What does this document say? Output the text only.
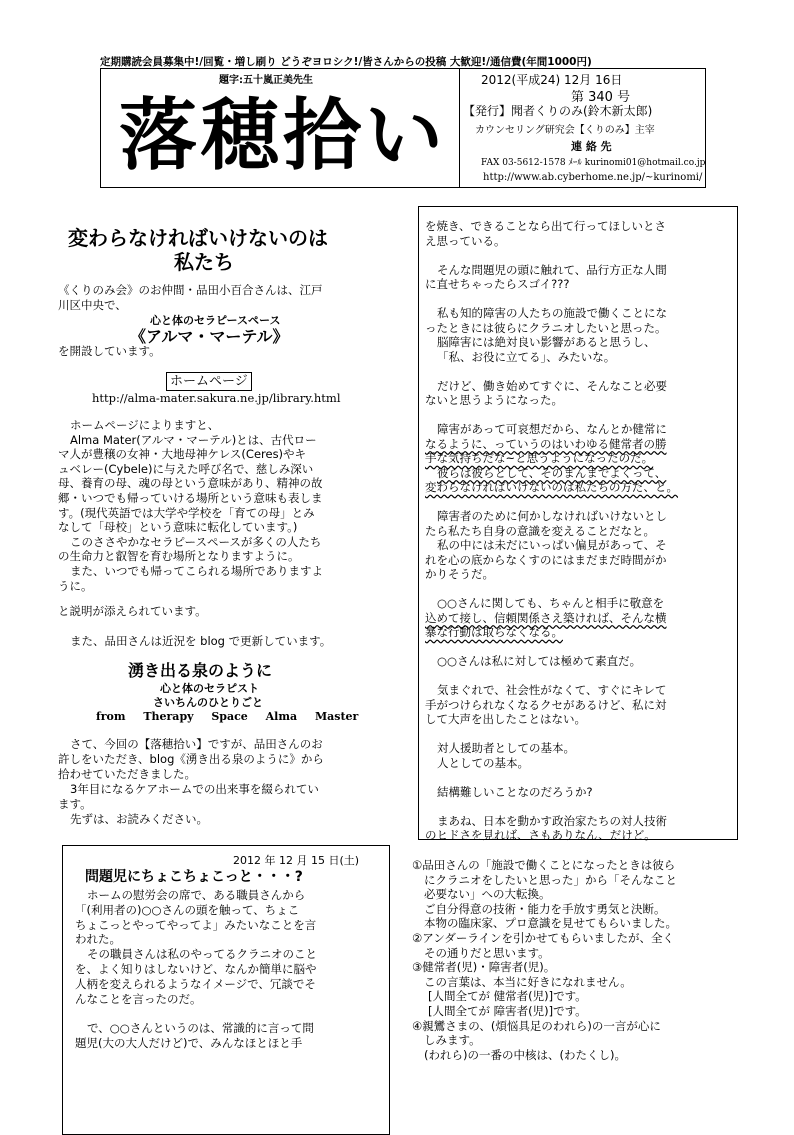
定期購読会員募集中!/回覧・増し刷り どうぞヨロシク!/皆さんからの投稿 大歓迎!/通信費(年間1000円)
題字:五十嵐正美先生
落穂拾い
2012(平成24) 12月 16日
第 340 号
【発行】聞者くりのみ(鈴木新太郎)
カウンセリング研究会【くりのみ】主宰
連 絡 先
FAX 03-5612-1578 ﾒｰﾙ kurinomi01@hotmail.co.jp
http://www.ab.cyberhome.ne.jp/~kurinomi/
変わらなければいけないのは
私たち
《くりのみ会》のお仲間・品田小百合さんは、江戸
川区中央で、
心と体のセラピースペース
《アルマ・マーテル》
を開設しています。
ホームページ
http://alma-mater.sakura.ne.jp/library.html
ホームページによりますと、
Alma Mater(アルマ・マーテル)とは、古代ロー
マ人が豊穣の女神・大地母神ケレス(Ceres)やキ
ュベレー(Cybele)に与えた呼び名で、慈しみ深い
母、養育の母、魂の母という意味があり、精神の故
郷・いつでも帰っていける場所という意味も表しま
す。(現代英語では大学や学校を「育ての母」とみ
なして「母校」という意味に転化しています。)
このささやかなセラピースペースが多くの人たち
の生命力と叡智を育む場所となりますように。
また、いつでも帰ってこられる場所でありますよ
うに。
と説明が添えられています。
また、品田さんは近況を blog で更新しています。
湧き出る泉のように
心と体のセラピスト
さいちんのひとりごと
from Therapy Space Alma Master
さて、今回の【落穂拾い】ですが、品田さんのお
許しをいただき、blog《湧き出る泉のように》から
拾わせていただきました。
3年目になるケアホームでの出来事を綴られてい
ます。
先ずは、お読みください。
2012 年 12 月 15 日(土)
問題児にちょこちょこっと・・・?
ホームの慰労会の席で、ある職員さんから
「(利用者の)○○さんの頭を触って、ちょこ
ちょこっとやってやってよ」みたいなことを言
われた。
その職員さんは私のやってるクラニオのこと
を、よく知りはしないけど、なんか簡単に脳や
人柄を変えられるようなイメージで、冗談でそ
んなことを言ったのだ。

で、○○さんというのは、常識的に言って問
題児(大の大人だけど)で、みんなほとほと手
を焼き、できることなら出て行ってほしいとさ
え思っている。

そんな問題児の頭に触れて、品行方正な人間
に直せちゃったらスゴイ???

私も知的障害の人たちの施設で働くことにな
ったときには彼らにクラニオしたいと思った。
脳障害には絶対良い影響があると思うし、
「私、お役に立てる」、みたいな。

だけど、働き始めてすぐに、そんなこと必要
ないと思うようになった。

障害があって可哀想だから、なんとか健常に
なるように、っていうのはいわゆる健常者の勝
手な気持ちだな~と思うようになったのだ。
彼らは彼らとして、そのまんまでよくって、
変わらなければいけないのは私たちの方だ、と。

障害者のために何かしなければいけないとし
たら私たち自身の意識を変えることだなと。
私の中には未だにいっぱい偏見があって、そ
れを心の底からなくすのにはまだまだ時間がか
かりそうだ。

○○さんに関しても、ちゃんと相手に敬意を
込めて接し、信頼関係さえ築ければ、そんな横
暴な行動は取らなくなる。

○○さんは私に対しては極めて素直だ。

気まぐれで、社会性がなくて、すぐにキレて
手がつけられなくなるクセがあるけど、私に対
して大声を出したことはない。

対人援助者としての基本。
人としての基本。

結構難しいことなのだろうか?

まあね、日本を動かす政治家たちの対人技術
のヒドさを見れば、さもありなん、だけど。
①品田さんの「施設で働くことになったときは彼ら
にクラニオをしたいと思った」から「そんなこと
必要ない」への大転換。
ご自分得意の技術・能力を手放す勇気と決断。
本物の臨床家、プロ意識を見せてもらいました。
②アンダーラインを引かせてもらいましたが、全く
その通りだと思います。
③健常者(児)・障害者(児)。
この言葉は、本当に好きになれません。
[人間全てが 健常者(児)]です。
[人間全てが 障害者(児)]です。
④親鸞さまの、(煩悩具足のわれら)の一言が心に
しみます。
(われら)の一番の中核は、(わたくし)。
